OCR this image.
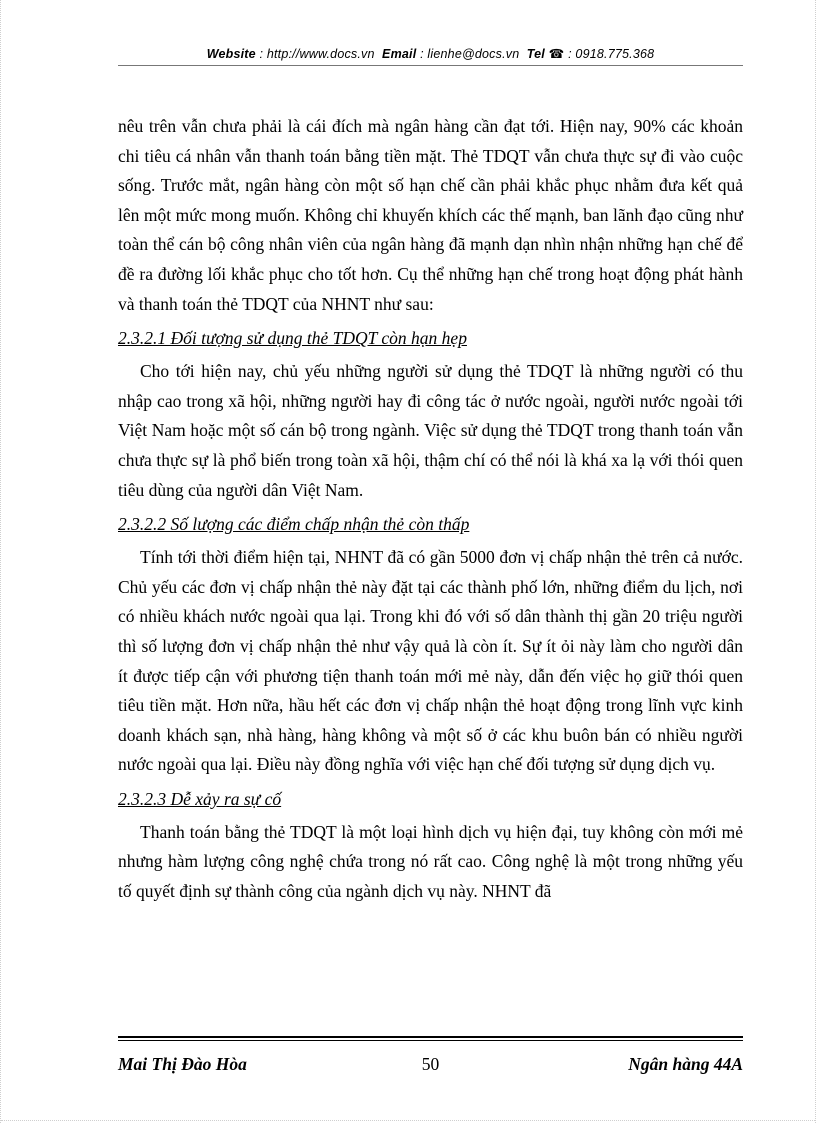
Website : http://www.docs.vn Email : lienhe@docs.vn Tel ☎ : 0918.775.368

nêu trên vẫn chưa phải là cái đích mà ngân hàng cần đạt tới. Hiện nay, 90% các khoản chi tiêu cá nhân vẫn thanh toán bằng tiền mặt. Thẻ TDQT vẫn chưa thực sự đi vào cuộc sống. Trước mắt, ngân hàng còn một số hạn chế cần phải khắc phục nhằm đưa kết quả lên một mức mong muốn. Không chỉ khuyến khích các thế mạnh, ban lãnh đạo cũng như toàn thể cán bộ công nhân viên của ngân hàng đã mạnh dạn nhìn nhận những hạn chế để đề ra đường lối khắc phục cho tốt hơn. Cụ thể những hạn chế trong hoạt động phát hành và thanh toán thẻ TDQT của NHNT như sau:

2.3.2.1 Đối tượng sử dụng thẻ TDQT còn hạn hẹp

Cho tới hiện nay, chủ yếu những người sử dụng thẻ TDQT là những người có thu nhập cao trong xã hội, những người hay đi công tác ở nước ngoài, người nước ngoài tới Việt Nam hoặc một số cán bộ trong ngành. Việc sử dụng thẻ TDQT trong thanh toán vẫn chưa thực sự là phổ biến trong toàn xã hội, thậm chí có thể nói là khá xa lạ với thói quen tiêu dùng của người dân Việt Nam.

2.3.2.2 Số lượng các điểm chấp nhận thẻ còn thấp

Tính tới thời điểm hiện tại, NHNT đã có gần 5000 đơn vị chấp nhận thẻ trên cả nước. Chủ yếu các đơn vị chấp nhận thẻ này đặt tại các thành phố lớn, những điểm du lịch, nơi có nhiều khách nước ngoài qua lại. Trong khi đó với số dân thành thị gần 20 triệu người thì số lượng đơn vị chấp nhận thẻ như vậy quả là còn ít. Sự ít ỏi này làm cho người dân ít được tiếp cận với phương tiện thanh toán mới mẻ này, dẫn đến việc họ giữ thói quen tiêu tiền mặt. Hơn nữa, hầu hết các đơn vị chấp nhận thẻ hoạt động trong lĩnh vực kinh doanh khách sạn, nhà hàng, hàng không và một số ở các khu buôn bán có nhiều người nước ngoài qua lại. Điều này đồng nghĩa với việc hạn chế đối tượng sử dụng dịch vụ.

2.3.2.3 Dễ xảy ra sự cố

Thanh toán bằng thẻ TDQT là một loại hình dịch vụ hiện đại, tuy không còn mới mẻ nhưng hàm lượng công nghệ chứa trong nó rất cao. Công nghệ là một trong những yếu tố quyết định sự thành công của ngành dịch vụ này. NHNT đã

Mai Thị Đào Hòa	50	Ngân hàng 44A
